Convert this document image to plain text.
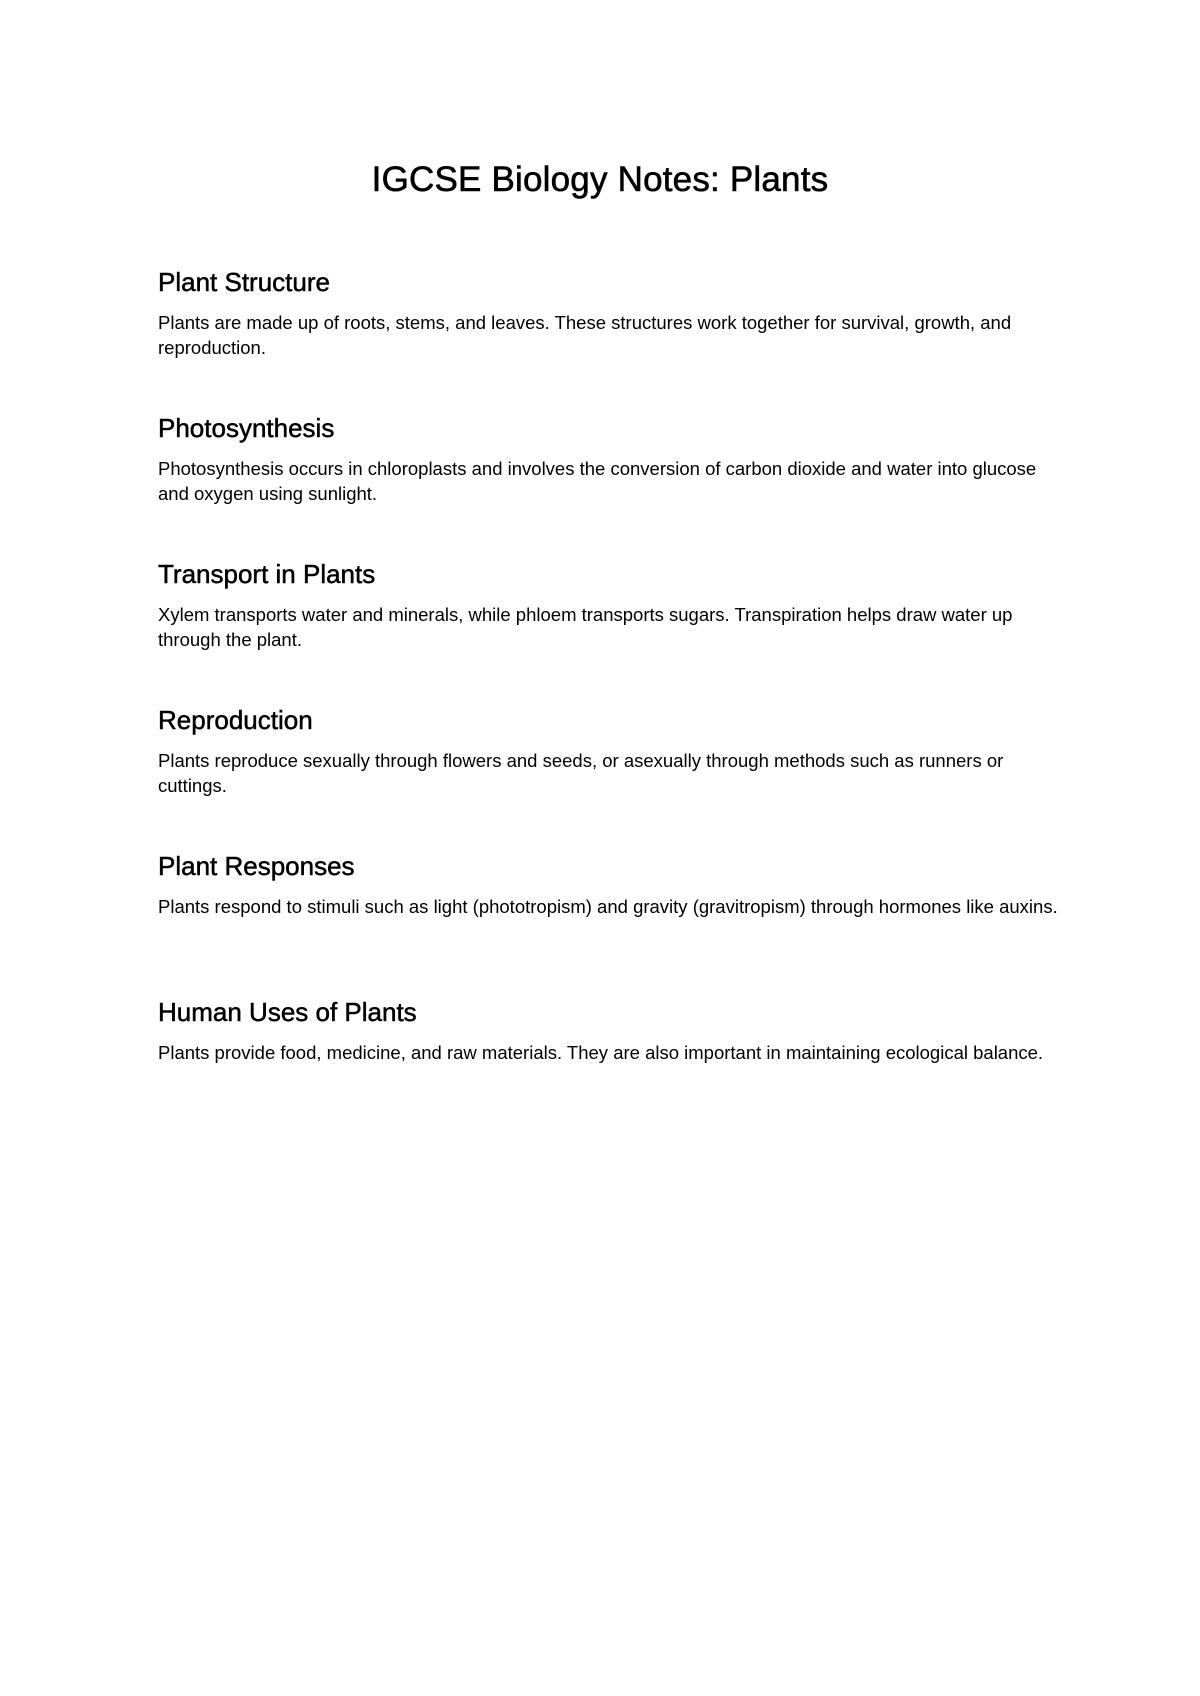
IGCSE Biology Notes: Plants
Plant Structure

Plants are made up of roots, stems, and leaves. These structures work together for survival, growth, and reproduction.

Photosynthesis

Photosynthesis occurs in chloroplasts and involves the conversion of carbon dioxide and water into glucose and oxygen using sunlight.

Transport in Plants

Xylem transports water and minerals, while phloem transports sugars. Transpiration helps draw water up through the plant.

Reproduction

Plants reproduce sexually through flowers and seeds, or asexually through methods such as runners or cuttings.

Plant Responses

Plants respond to stimuli such as light (phototropism) and gravity (gravitropism) through hormones like auxins.

Human Uses of Plants

Plants provide food, medicine, and raw materials. They are also important in maintaining ecological balance.
